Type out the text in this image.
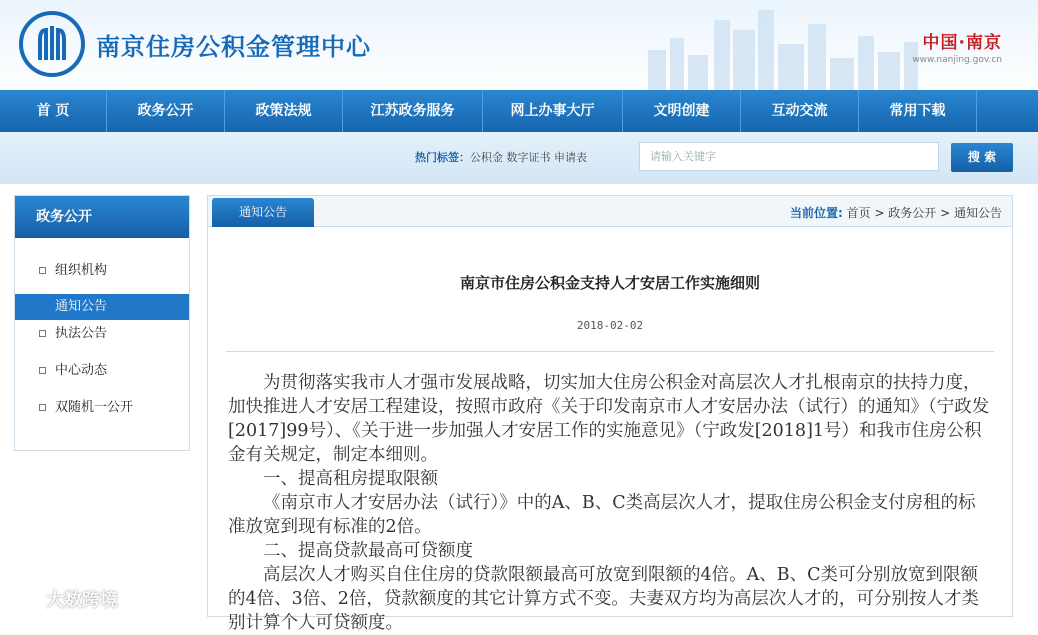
南京住房公积金管理中心	中国·南京
www.nanjing.gov.cn
首 页	政务公开	政策法规	江苏政务服务	网上办事大厅	文明创建	互动交流	常用下载
热门标签：公积金 数字证书 申请表	请输入关键字	搜 索
政务公开
组织机构
通知公告
执法公告
中心动态
双随机一公开
通知公告	当前位置: 首页 > 政务公开 > 通知公告
南京市住房公积金支持人才安居工作实施细则
2018-02-02

为贯彻落实我市人才强市发展战略，切实加大住房公积金对高层次人才扎根南京的扶持力度，加快推进人才安居工程建设，按照市政府《关于印发南京市人才安居办法（试行）的通知》（宁政发[2017]99号）、《关于进一步加强人才安居工作的实施意见》（宁政发[2018]1号）和我市住房公积金有关规定，制定本细则。

一、提高租房提取限额

《南京市人才安居办法（试行）》中的A、B、C类高层次人才，提取住房公积金支付房租的标准放宽到现有标准的2倍。

二、提高贷款最高可贷额度

高层次人才购买自住住房的贷款限额最高可放宽到限额的4倍。A、B、C类可分别放宽到限额的4倍、3倍、2倍，贷款额度的其它计算方式不变。夫妻双方均为高层次人才的，可分别按人才类别计算个人可贷额度。

大数跨境
